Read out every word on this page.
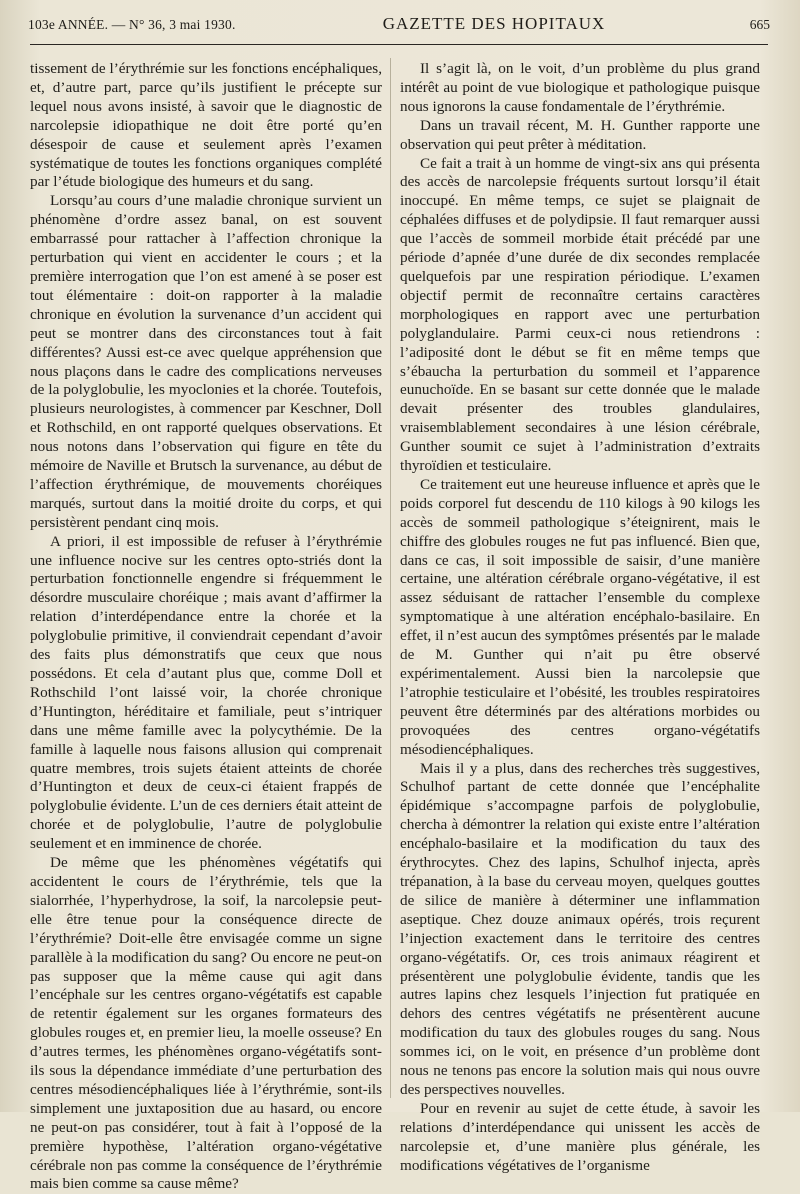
103e ANNÉE. — N° 36, 3 mai 1930.	GAZETTE DES HOPITAUX	665

tissement de l’érythrémie sur les fonctions encéphaliques, et, d’autre part, parce qu’ils justifient le précepte sur lequel nous avons insisté, à savoir que le diagnostic de narcolepsie idiopathique ne doit être porté qu’en désespoir de cause et seulement après l’examen systématique de toutes les fonctions organiques complété par l’étude biologique des humeurs et du sang.

Lorsqu’au cours d’une maladie chronique survient un phénomène d’ordre assez banal, on est souvent embarrassé pour rattacher à l’affection chronique la perturbation qui vient en accidenter le cours ; et la première interrogation que l’on est amené à se poser est tout élémentaire : doit-on rapporter à la maladie chronique en évolution la survenance d’un accident qui peut se montrer dans des circonstances tout à fait différentes? Aussi est-ce avec quelque appréhension que nous plaçons dans le cadre des complications nerveuses de la polyglobulie, les myoclonies et la chorée. Toutefois, plusieurs neurologistes, à commencer par Keschner, Doll et Rothschild, en ont rapporté quelques observations. Et nous notons dans l’observation qui figure en tête du mémoire de Naville et Brutsch la survenance, au début de l’affection érythrémique, de mouvements choréiques marqués, surtout dans la moitié droite du corps, et qui persistèrent pendant cinq mois.

A priori, il est impossible de refuser à l’érythrémie une influence nocive sur les centres opto-striés dont la perturbation fonctionnelle engendre si fréquemment le désordre musculaire choréique ; mais avant d’affirmer la relation d’interdépendance entre la chorée et la polyglobulie primitive, il conviendrait cependant d’avoir des faits plus démonstratifs que ceux que nous possédons. Et cela d’autant plus que, comme Doll et Rothschild l’ont laissé voir, la chorée chronique d’Huntington, héréditaire et familiale, peut s’intriquer dans une même famille avec la polycythémie. De la famille à laquelle nous faisons allusion qui comprenait quatre membres, trois sujets étaient atteints de chorée d’Huntington et deux de ceux-ci étaient frappés de polyglobulie évidente. L’un de ces derniers était atteint de chorée et de polyglobulie, l’autre de polyglobulie seulement et en imminence de chorée.

De même que les phénomènes végétatifs qui accidentent le cours de l’érythrémie, tels que la sialorrhée, l’hyperhydrose, la soif, la narcolepsie peut-elle être tenue pour la conséquence directe de l’érythrémie? Doit-elle être envisagée comme un signe parallèle à la modification du sang? Ou encore ne peut-on pas supposer que la même cause qui agit dans l’encéphale sur les centres organo-végétatifs est capable de retentir également sur les organes formateurs des globules rouges et, en premier lieu, la moelle osseuse? En d’autres termes, les phénomènes organo-végétatifs sont-ils sous la dépendance immédiate d’une perturbation des centres mésodiencéphaliques liée à l’érythrémie, sont-ils simplement une juxtaposition due au hasard, ou encore ne peut-on pas considérer, tout à fait à l’opposé de la première hypothèse, l’altération organo-végétative cérébrale non pas comme la conséquence de l’érythrémie mais bien comme sa cause même?

Il s’agit là, on le voit, d’un problème du plus grand intérêt au point de vue biologique et pathologique puisque nous ignorons la cause fondamentale de l’érythrémie.

Dans un travail récent, M. H. Gunther rapporte une observation qui peut prêter à méditation.

Ce fait a trait à un homme de vingt-six ans qui présenta des accès de narcolepsie fréquents surtout lorsqu’il était inoccupé. En même temps, ce sujet se plaignait de céphalées diffuses et de polydipsie. Il faut remarquer aussi que l’accès de sommeil morbide était précédé par une période d’apnée d’une durée de dix secondes remplacée quelquefois par une respiration périodique. L’examen objectif permit de reconnaître certains caractères morphologiques en rapport avec une perturbation polyglandulaire. Parmi ceux-ci nous retiendrons : l’adiposité dont le début se fit en même temps que s’ébaucha la perturbation du sommeil et l’apparence eunuchoïde. En se basant sur cette donnée que le malade devait présenter des troubles glandulaires, vraisemblablement secondaires à une lésion cérébrale, Gunther soumit ce sujet à l’administration d’extraits thyroïdien et testiculaire.

Ce traitement eut une heureuse influence et après que le poids corporel fut descendu de 110 kilogs à 90 kilogs les accès de sommeil pathologique s’éteignirent, mais le chiffre des globules rouges ne fut pas influencé. Bien que, dans ce cas, il soit impossible de saisir, d’une manière certaine, une altération cérébrale organo-végétative, il est assez séduisant de rattacher l’ensemble du complexe symptomatique à une altération encéphalo-basilaire. En effet, il n’est aucun des symptômes présentés par le malade de M. Gunther qui n’ait pu être observé expérimentalement. Aussi bien la narcolepsie que l’atrophie testiculaire et l’obésité, les troubles respiratoires peuvent être déterminés par des altérations morbides ou provoquées des centres organo-végétatifs mésodiencéphaliques.

Mais il y a plus, dans des recherches très suggestives, Schulhof partant de cette donnée que l’encéphalite épidémique s’accompagne parfois de polyglobulie, chercha à démontrer la relation qui existe entre l’altération encéphalo-basilaire et la modification du taux des érythrocytes. Chez des lapins, Schulhof injecta, après trépanation, à la base du cerveau moyen, quelques gouttes de silice de manière à déterminer une inflammation aseptique. Chez douze animaux opérés, trois reçurent l’injection exactement dans le territoire des centres organo-végétatifs. Or, ces trois animaux réagirent et présentèrent une polyglobulie évidente, tandis que les autres lapins chez lesquels l’injection fut pratiquée en dehors des centres végétatifs ne présentèrent aucune modification du taux des globules rouges du sang. Nous sommes ici, on le voit, en présence d’un problème dont nous ne tenons pas encore la solution mais qui nous ouvre des perspectives nouvelles.

Pour en revenir au sujet de cette étude, à savoir les relations d’interdépendance qui unissent les accès de narcolepsie et, d’une manière plus générale, les modifications végétatives de l’organisme
